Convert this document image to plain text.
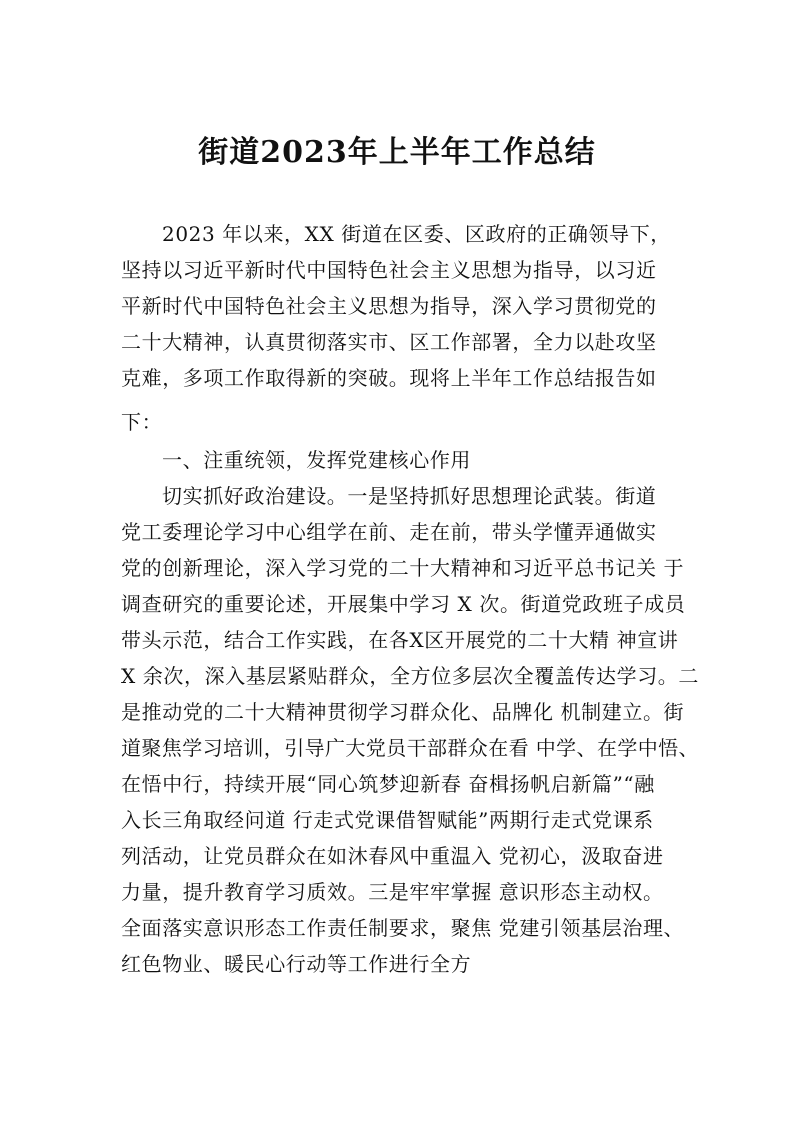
街道2023年上半年工作总结
2023 年以来，XX 街道在区委、区政府的正确领导下，
坚持以习近平新时代中国特色社会主义思想为指导，以习近
平新时代中国特色社会主义思想为指导，深入学习贯彻党的
二十大精神，认真贯彻落实市、区工作部署，全力以赴攻坚
克难，多项工作取得新的突破。现将上半年工作总结报告如
下：
一、注重统领，发挥党建核心作用
切实抓好政治建设。一是坚持抓好思想理论武装。街道
党工委理论学习中心组学在前、走在前，带头学懂弄通做实
党的创新理论，深入学习党的二十大精神和习近平总书记关 于
调查研究的重要论述，开展集中学习 X 次。街道党政班子成员
带头示范，结合工作实践，在各X区开展党的二十大精 神宣讲
X 余次，深入基层紧贴群众，全方位多层次全覆盖传达学习。二
是推动党的二十大精神贯彻学习群众化、品牌化 机制建立。街
道聚焦学习培训，引导广大党员干部群众在看 中学、在学中悟、
在悟中行，持续开展“同心筑梦迎新春 奋楫扬帆启新篇”“融
入长三角取经问道 行走式党课借智赋能”两期行走式党课系
列活动，让党员群众在如沐春风中重温入 党初心，汲取奋进
力量，提升教育学习质效。三是牢牢掌握 意识形态主动权。
全面落实意识形态工作责任制要求，聚焦 党建引领基层治理、
红色物业、暖民心行动等工作进行全方
